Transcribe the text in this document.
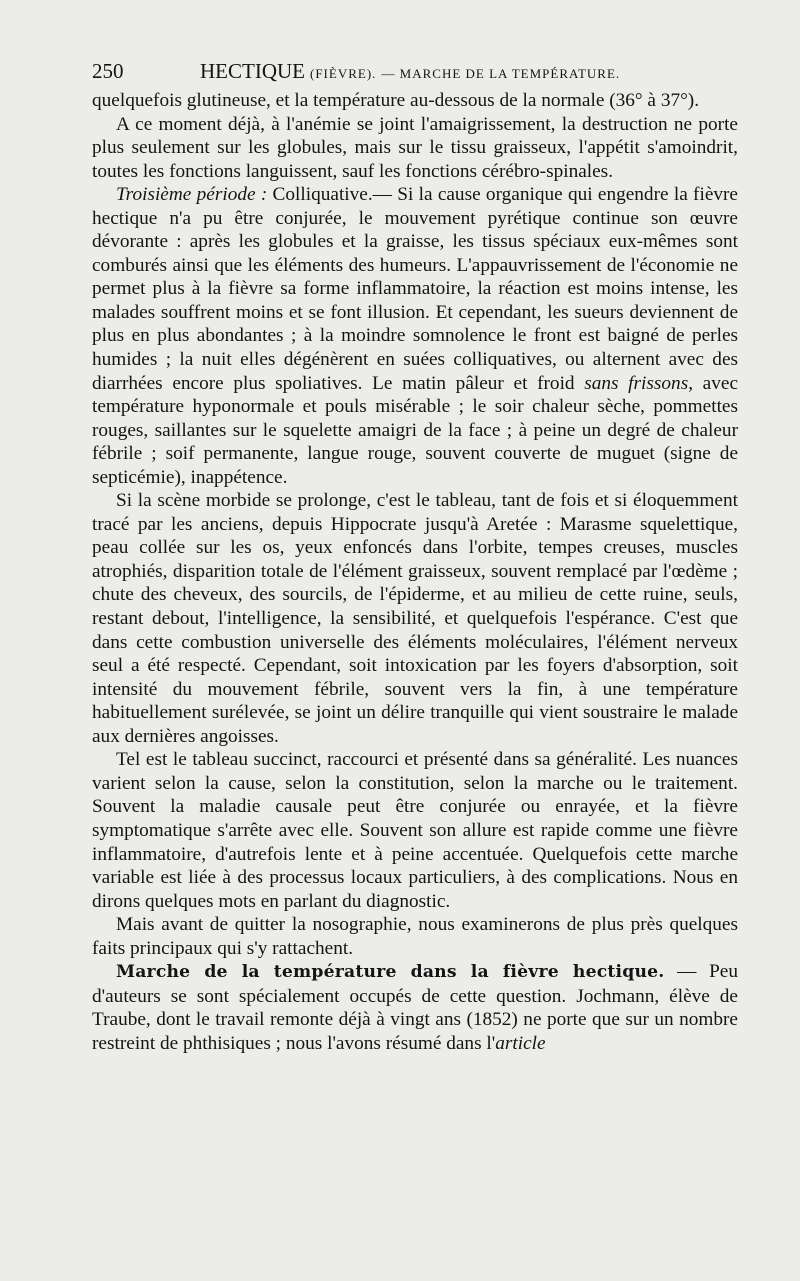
250	HECTIQUE (FIÈVRE). — MARCHE DE LA TEMPÉRATURE.

quelquefois glutineuse, et la température au-dessous de la normale (36° à 37°).

A ce moment déjà, à l'anémie se joint l'amaigrissement, la destruction ne porte plus seulement sur les globules, mais sur le tissu graisseux, l'appétit s'amoindrit, toutes les fonctions languissent, sauf les fonctions cérébro-spinales.

Troisième période : Colliquative.— Si la cause organique qui engendre la fièvre hectique n'a pu être conjurée, le mouvement pyrétique continue son œuvre dévorante : après les globules et la graisse, les tissus spéciaux eux-mêmes sont comburés ainsi que les éléments des humeurs. L'appauvrissement de l'économie ne permet plus à la fièvre sa forme inflammatoire, la réaction est moins intense, les malades souffrent moins et se font illusion. Et cependant, les sueurs deviennent de plus en plus abondantes ; à la moindre somnolence le front est baigné de perles humides ; la nuit elles dégénèrent en suées colliquatives, ou alternent avec des diarrhées encore plus spoliatives. Le matin pâleur et froid sans frissons, avec température hyponormale et pouls misérable ; le soir chaleur sèche, pommettes rouges, saillantes sur le squelette amaigri de la face ; à peine un degré de chaleur fébrile ; soif permanente, langue rouge, souvent couverte de muguet (signe de septicémie), inappétence.

Si la scène morbide se prolonge, c'est le tableau, tant de fois et si éloquemment tracé par les anciens, depuis Hippocrate jusqu'à Aretée : Marasme squelettique, peau collée sur les os, yeux enfoncés dans l'orbite, tempes creuses, muscles atrophiés, disparition totale de l'élément graisseux, souvent remplacé par l'œdème ; chute des cheveux, des sourcils, de l'épiderme, et au milieu de cette ruine, seuls, restant debout, l'intelligence, la sensibilité, et quelquefois l'espérance. C'est que dans cette combustion universelle des éléments moléculaires, l'élément nerveux seul a été respecté. Cependant, soit intoxication par les foyers d'absorption, soit intensité du mouvement fébrile, souvent vers la fin, à une température habituellement surélevée, se joint un délire tranquille qui vient soustraire le malade aux dernières angoisses.

Tel est le tableau succinct, raccourci et présenté dans sa généralité. Les nuances varient selon la cause, selon la constitution, selon la marche ou le traitement. Souvent la maladie causale peut être conjurée ou enrayée, et la fièvre symptomatique s'arrête avec elle. Souvent son allure est rapide comme une fièvre inflammatoire, d'autrefois lente et à peine accentuée. Quelquefois cette marche variable est liée à des processus locaux particuliers, à des complications. Nous en dirons quelques mots en parlant du diagnostic.

Mais avant de quitter la nosographie, nous examinerons de plus près quelques faits principaux qui s'y rattachent.

Marche de la température dans la fièvre hectique. — Peu d'auteurs se sont spécialement occupés de cette question. Jochmann, élève de Traube, dont le travail remonte déjà à vingt ans (1852) ne porte que sur un nombre restreint de phthisiques ; nous l'avons résumé dans l'article
